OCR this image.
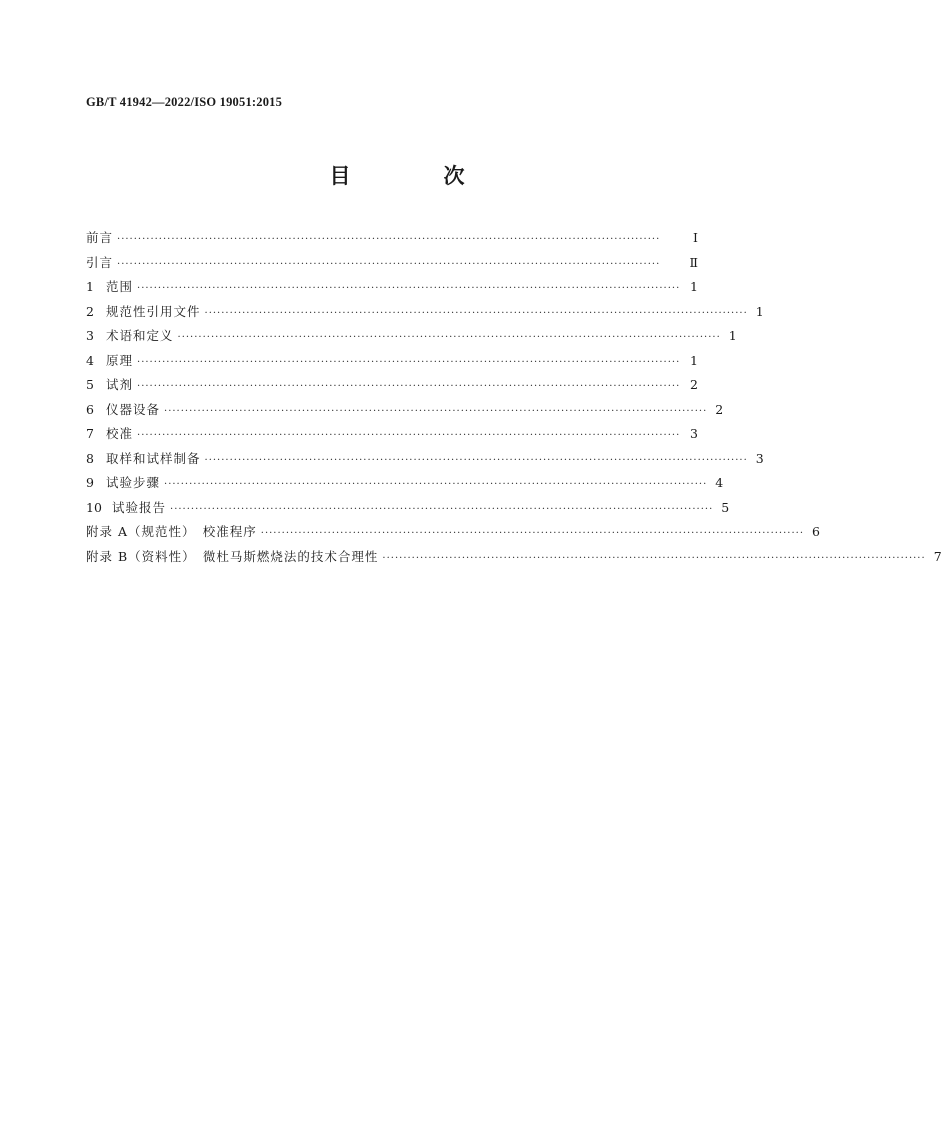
GB/T 41942—2022/ISO 19051:2015
目　次
前言 ··································································································································	Ⅰ
引言 ··································································································································	Ⅱ
1 范围 ·································································································································· 1
2 规范性引用文件 ·································································································································· 1
3 术语和定义 ·································································································································· 1
4 原理 ·································································································································· 1
5 试剂 ·································································································································· 2
6 仪器设备 ·································································································································· 2
7 校准 ·································································································································· 3
8 取样和试样制备 ·································································································································· 3
9 试验步骤 ·································································································································· 4
10 试验报告 ·································································································································· 5
附录 A（规范性）　校准程序 ·································································································································· 6
附录 B（资料性）　微杜马斯燃烧法的技术合理性 ·································································································································· 7
